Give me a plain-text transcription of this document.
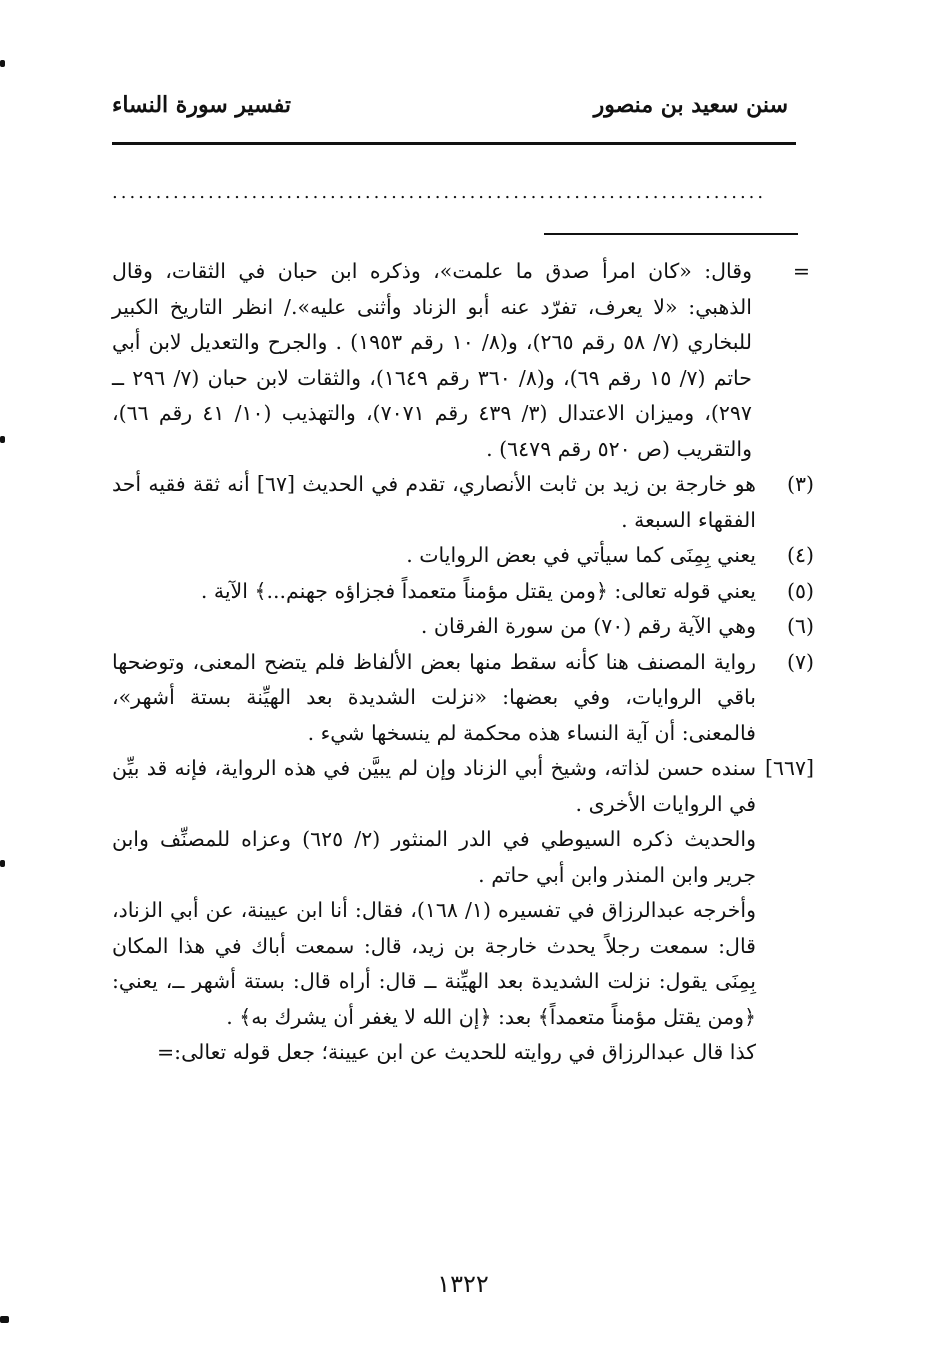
سنن سعيد بن منصور
تفسير سورة النساء
...........................................................................
=
وقال: «كان امرأ صدق ما علمت»، وذكره ابن حبان في الثقات، وقال الذهبي: «لا يعرف، تفرّد عنه أبو الزناد وأثنى عليه»./ انظر التاريخ الكبير للبخاري (٧/ ٥٨ رقم ٢٦٥)، و(٨/ ١٠ رقم ١٩٥٣) . والجرح والتعديل لابن أبي حاتم (٧/ ١٥ رقم ٦٩)، و(٨/ ٣٦٠ رقم ١٦٤٩)، والثقات لابن حبان (٧/ ٢٩٦ ــ ٢٩٧)، وميزان الاعتدال (٣/ ٤٣٩ رقم ٧٠٧١)، والتهذيب (١٠/ ٤١ رقم ٦٦)، والتقريب (ص ٥٢٠ رقم ٦٤٧٩) .
(٣)
هو خارجة بن زيد بن ثابت الأنصاري، تقدم في الحديث [٦٧] أنه ثقة فقيه أحد الفقهاء السبعة .
(٤)
يعني بِمِنَى كما سيأتي في بعض الروايات .
(٥)
يعني قوله تعالى: ﴿ومن يقتل مؤمناً متعمداً فجزاؤه جهنم...﴾ الآية .
(٦)
وهي الآية رقم (٧٠) من سورة الفرقان .
(٧)
رواية المصنف هنا كأنه سقط منها بعض الألفاظ فلم يتضح المعنى، وتوضحها باقي الروايات، وفي بعضها: «نزلت الشديدة بعد الهيِّنة بستة أشهر»، فالمعنى: أن آية النساء هذه محكمة لم ينسخها شيء .
[٦٦٧]
سنده حسن لذاته، وشيخ أبي الزناد وإن لم يبيَّن في هذه الرواية، فإنه قد بيِّن في الروايات الأخرى .
والحديث ذكره السيوطي في الدر المنثور (٢/ ٦٢٥) وعزاه للمصنِّف وابن جرير وابن المنذر وابن أبي حاتم .
وأخرجه عبدالرزاق في تفسيره (١/ ١٦٨)، فقال: أنا ابن عيينة، عن أبي الزناد، قال: سمعت رجلاً يحدث خارجة بن زيد، قال: سمعت أباك في هذا المكان بِمِنَى يقول: نزلت الشديدة بعد الهيِّنة ــ قال: أراه قال: بستة أشهر ــ، يعني: ﴿ومن يقتل مؤمناً متعمداً﴾ بعد: ﴿إن الله لا يغفر أن يشرك به﴾ .
كذا قال عبدالرزاق في روايته للحديث عن ابن عيينة؛ جعل قوله تعالى:=
١٣٢٢
